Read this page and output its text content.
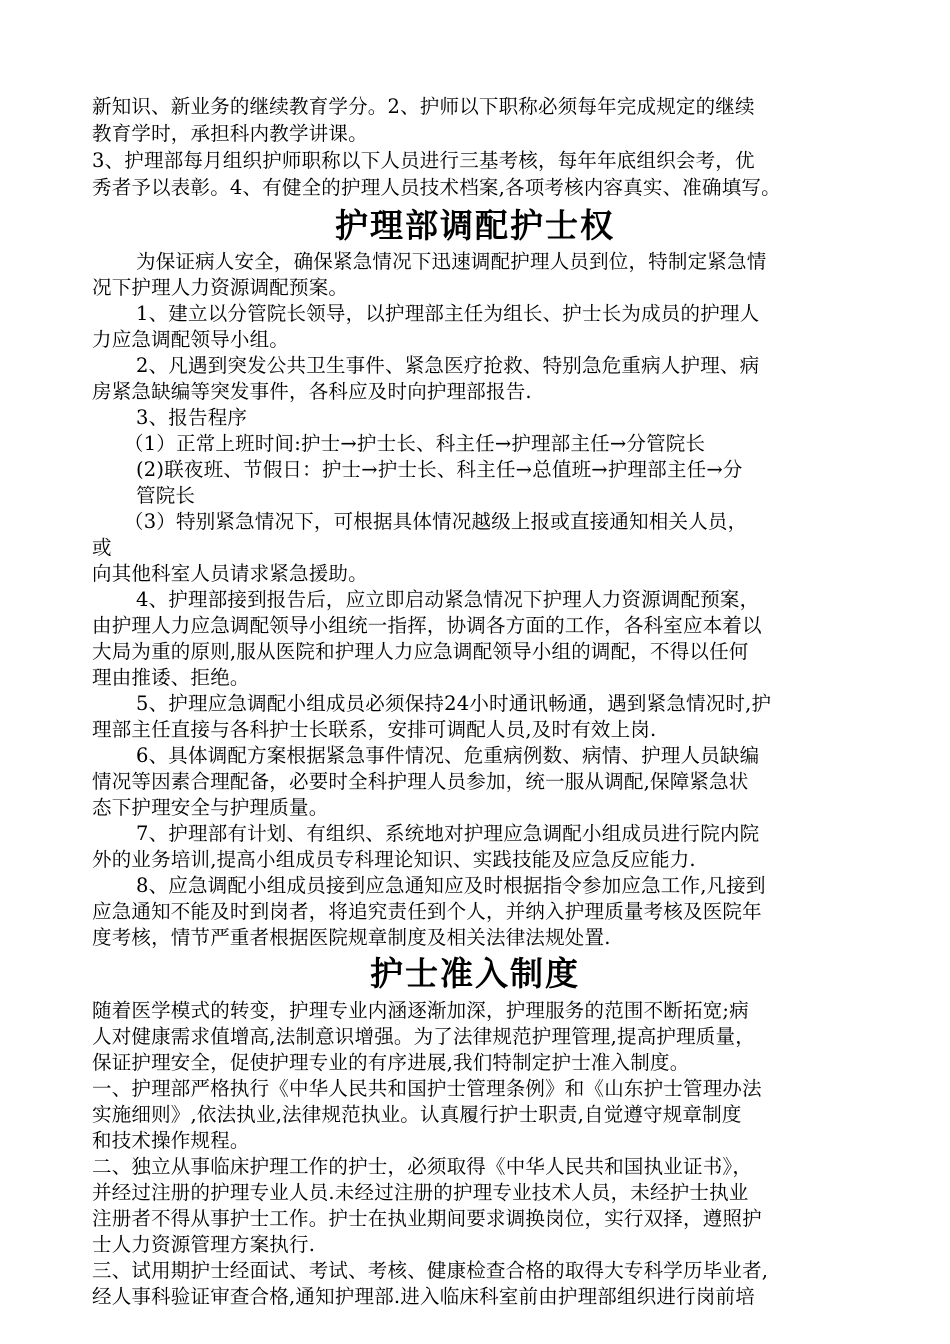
新知识、新业务的继续教育学分。2、护师以下职称必须每年完成规定的继续
教育学时，承担科内教学讲课。
3、护理部每月组织护师职称以下人员进行三基考核，每年年底组织会考，优
秀者予以表彰。4、有健全的护理人员技术档案,各项考核内容真实、准确填写。
护理部调配护士权
为保证病人安全，确保紧急情况下迅速调配护理人员到位，特制定紧急情
况下护理人力资源调配预案。
1、建立以分管院长领导，以护理部主任为组长、护士长为成员的护理人
力应急调配领导小组。
2、凡遇到突发公共卫生事件、紧急医疗抢救、特别急危重病人护理、病
房紧急缺编等突发事件，各科应及时向护理部报告.
3、报告程序
（1）正常上班时间:护士→护士长、科主任→护理部主任→分管院长
(2)联夜班、节假日：护士→护士长、科主任→总值班→护理部主任→分
管院长
（3）特别紧急情况下，可根据具体情况越级上报或直接通知相关人员，
或
向其他科室人员请求紧急援助。
4、护理部接到报告后，应立即启动紧急情况下护理人力资源调配预案，
由护理人力应急调配领导小组统一指挥，协调各方面的工作，各科室应本着以
大局为重的原则,服从医院和护理人力应急调配领导小组的调配，不得以任何
理由推诿、拒绝。
5、护理应急调配小组成员必须保持24小时通讯畅通，遇到紧急情况时,护
理部主任直接与各科护士长联系，安排可调配人员,及时有效上岗.
6、具体调配方案根据紧急事件情况、危重病例数、病情、护理人员缺编
情况等因素合理配备，必要时全科护理人员参加，统一服从调配,保障紧急状
态下护理安全与护理质量。
7、护理部有计划、有组织、系统地对护理应急调配小组成员进行院内院
外的业务培训,提高小组成员专科理论知识、实践技能及应急反应能力.
8、应急调配小组成员接到应急通知应及时根据指令参加应急工作,凡接到
应急通知不能及时到岗者，将追究责任到个人，并纳入护理质量考核及医院年
度考核，情节严重者根据医院规章制度及相关法律法规处置.
护士准入制度
随着医学模式的转变，护理专业内涵逐渐加深，护理服务的范围不断拓宽;病
人对健康需求值增高,法制意识增强。为了法律规范护理管理,提高护理质量，
保证护理安全，促使护理专业的有序进展,我们特制定护士准入制度。
一、护理部严格执行《中华人民共和国护士管理条例》和《山东护士管理办法
实施细则》,依法执业,法律规范执业。认真履行护士职责,自觉遵守规章制度
和技术操作规程。
二、独立从事临床护理工作的护士，必须取得《中华人民共和国执业证书》，
并经过注册的护理专业人员.未经过注册的护理专业技术人员，未经护士执业
注册者不得从事护士工作。护士在执业期间要求调换岗位，实行双择，遵照护
士人力资源管理方案执行.
三、试用期护士经面试、考试、考核、健康检查合格的取得大专科学历毕业者,
经人事科验证审查合格,通知护理部.进入临床科室前由护理部组织进行岗前培
